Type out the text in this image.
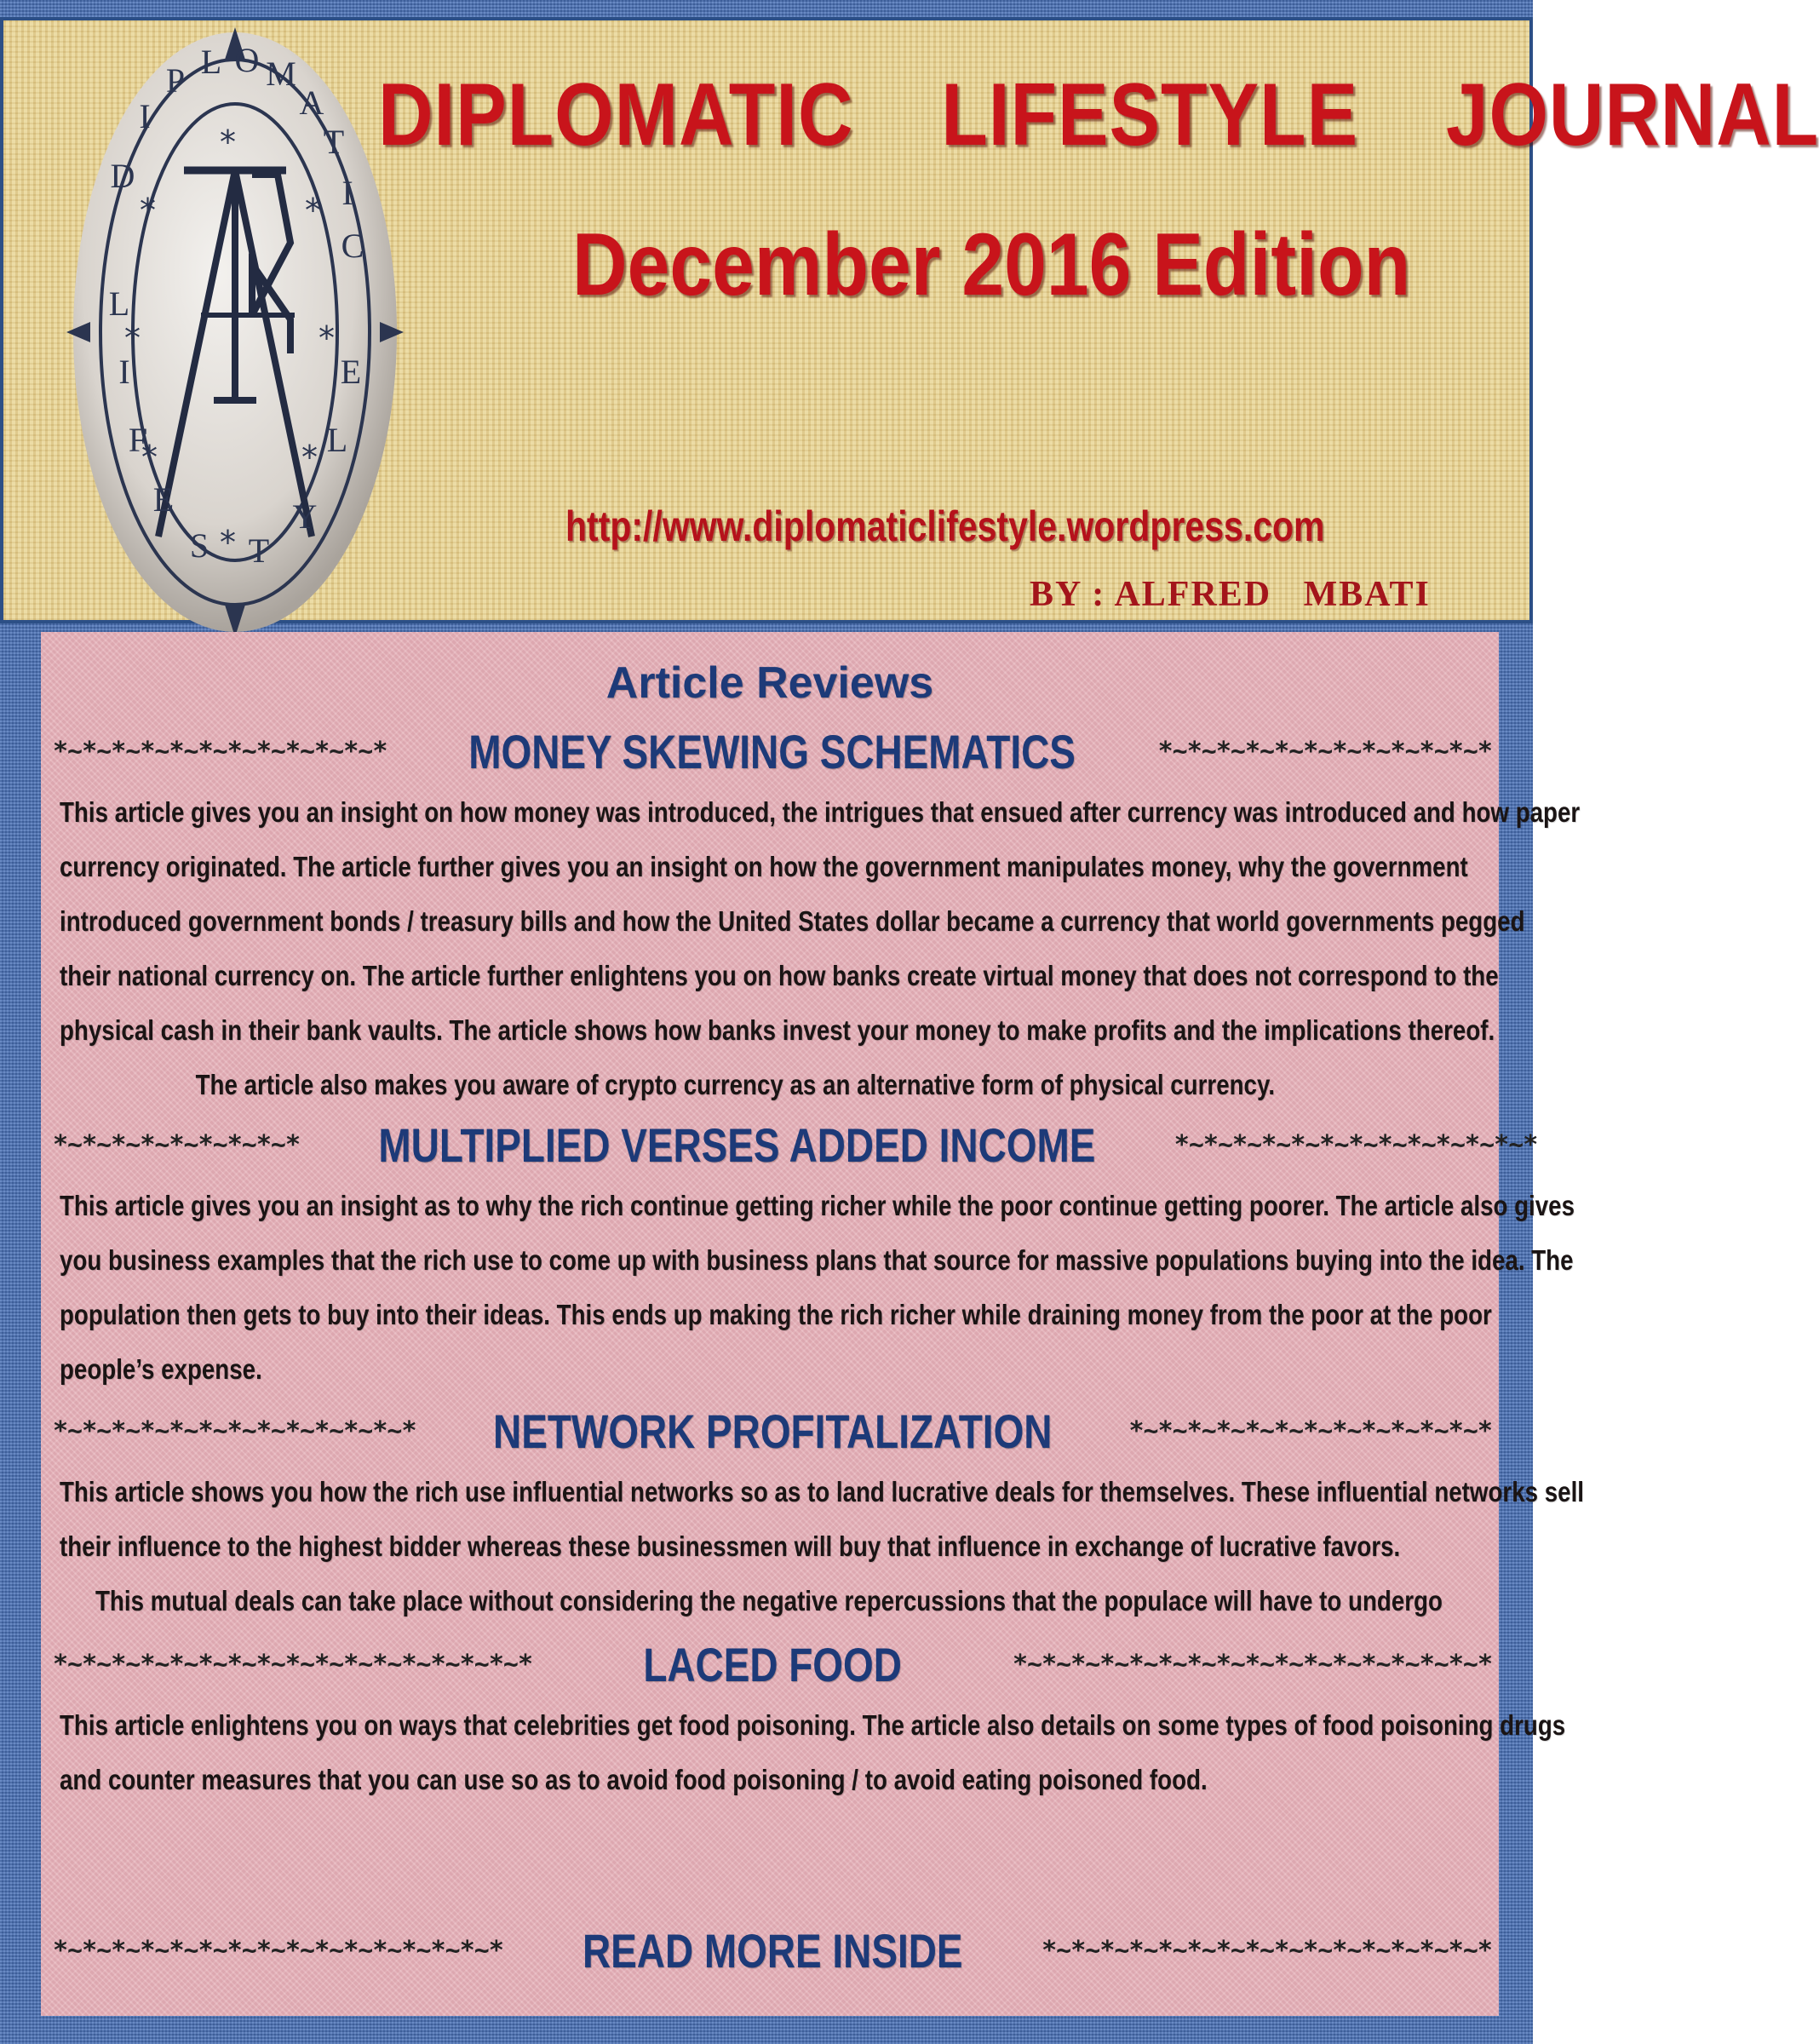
*
*	*
*	*
*	*
*
D
I
P L O M
A
T
I
C
L
I
F
E
S T
Y
L
E
DIPLOMATIC    LIFESTYLE    JOURNAL
December 2016 Edition
http://www.diplomaticlifestyle.wordpress.com
BY : ALFRED   MBATI
Article Reviews
*~*~*~*~*~*~*~*~*~*~*~* MONEY SKEWING SCHEMATICS	*~*~*~*~*~*~*~*~*~*~*~*
This article gives you an insight on how money was introduced, the intrigues that ensued after currency was introduced and how paper
currency originated. The article further gives you an insight on how the government manipulates money, why the government
introduced government bonds / treasury bills and how the United States dollar became a currency that world governments pegged
their national currency on. The article further enlightens you on how banks create virtual money that does not correspond to the
physical cash in their bank vaults. The article shows how banks invest your money to make profits and the implications thereof.
The article also makes you aware of crypto currency as an alternative form of physical currency.
*~*~*~*~*~*~*~*~* MULTIPLIED VERSES ADDED INCOME	*~*~*~*~*~*~*~*~*~*~*~*~*
This article gives you an insight as to why the rich continue getting richer while the poor continue getting poorer. The article also gives
you business examples that the rich use to come up with business plans that source for massive populations buying into the idea. The
population then gets to buy into their ideas. This ends up making the rich richer while draining money from the poor at the poor
people’s expense.
*~*~*~*~*~*~*~*~*~*~*~*~* NETWORK PROFITALIZATION	*~*~*~*~*~*~*~*~*~*~*~*~*
This article shows you how the rich use influential networks so as to land lucrative deals for themselves. These influential networks sell
their influence to the highest bidder whereas these businessmen will buy that influence in exchange of lucrative favors.
This mutual deals can take place without considering the negative repercussions that the populace will have to undergo
*~*~*~*~*~*~*~*~*~*~*~*~*~*~*~*~* LACED FOOD	*~*~*~*~*~*~*~*~*~*~*~*~*~*~*~*~*
This article enlightens you on ways that celebrities get food poisoning. The article also details on some types of food poisoning drugs
and counter measures that you can use so as to avoid food poisoning / to avoid eating poisoned food.
*~*~*~*~*~*~*~*~*~*~*~*~*~*~*~* READ MORE INSIDE	*~*~*~*~*~*~*~*~*~*~*~*~*~*~*~*
